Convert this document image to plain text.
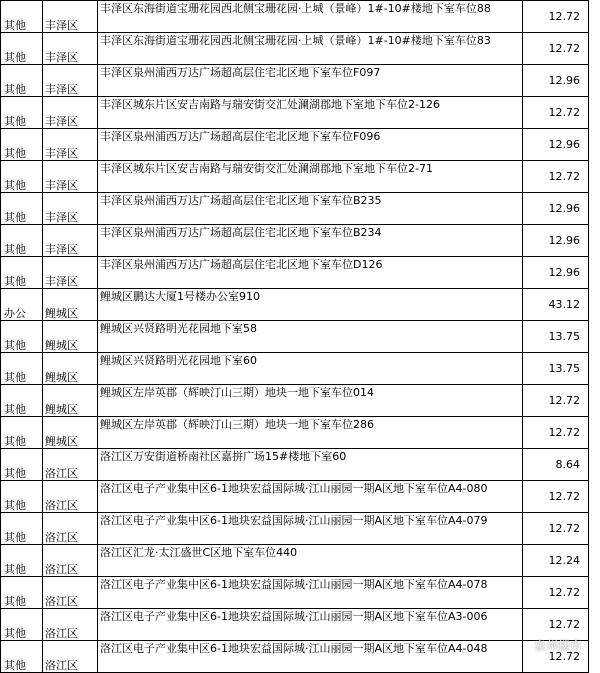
其他	丰泽区	丰泽区东海街道宝珊花园西北侧宝珊花园·上城（景峰）1#-10#楼地下室车位88	12.72
其他	丰泽区	丰泽区东海街道宝珊花园西北侧宝珊花园·上城（景峰）1#-10#楼地下室车位83	12.72
其他	丰泽区	丰泽区泉州浦西万达广场超高层住宅北区地下室车位F097	12.96
其他	丰泽区	丰泽区城东片区安吉南路与瑞安街交汇处澜湖郡地下室地下车位2-126	12.72
其他	丰泽区	丰泽区泉州浦西万达广场超高层住宅北区地下室车位F096	12.96
其他	丰泽区	丰泽区城东片区安吉南路与瑞安街交汇处澜湖郡地下室地下车位2-71	12.72
其他	丰泽区	丰泽区泉州浦西万达广场超高层住宅北区地下室车位B235	12.96
其他	丰泽区	丰泽区泉州浦西万达广场超高层住宅北区地下室车位B234	12.96
其他	丰泽区	丰泽区泉州浦西万达广场超高层住宅北区地下室车位D126	12.96
办公	鲤城区	鲤城区鹏达大厦1号楼办公室910	43.12
其他	鲤城区	鲤城区兴贤路明光花园地下室58	13.75
其他	鲤城区	鲤城区兴贤路明光花园地下室60	13.75
其他	鲤城区	鲤城区左岸英郡（辉映汀山三期）地块一地下室车位014	12.72
其他	鲤城区	鲤城区左岸英郡（辉映汀山三期）地块一地下室车位286	12.72
其他	洛江区	洛江区万安街道桥南社区嘉拼广场15#楼地下室60	8.64
其他	洛江区	洛江区电子产业集中区6-1地块宏益国际城·江山丽园一期A区地下室车位A4-080	12.72
其他	洛江区	洛江区电子产业集中区6-1地块宏益国际城·江山丽园一期A区地下室车位A4-079	12.72
其他	洛江区	洛江区汇龙·太江盛世C区地下室车位440	12.24
其他	洛江区	洛江区电子产业集中区6-1地块宏益国际城·江山丽园一期A区地下室车位A4-078	12.72
其他	洛江区	洛江区电子产业集中区6-1地块宏益国际城·江山丽园一期A区地下室车位A3-006	12.72
其他	洛江区	洛江区电子产业集中区6-1地块宏益国际城·江山丽园一期A区地下室车位A4-048	12.72
泉州楼市
